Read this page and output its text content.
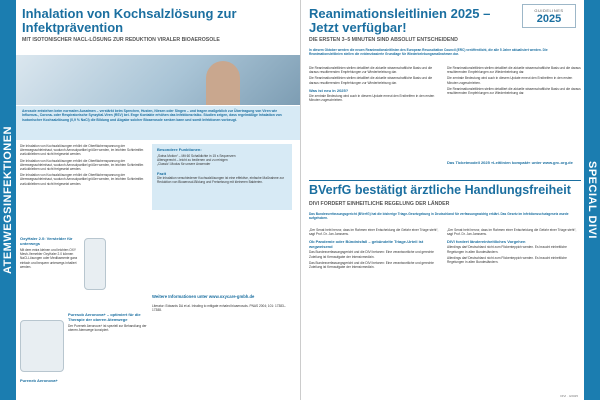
ATEMWEGSINFEKTIONEN
Inhalation von Kochsalzlösung zur Infektprävention
MIT ISOTONISCHER NACL-LÖSUNG ZUR REDUKTION VIRALER BIOAEROSOLE
Aerosole entstehen beim normalen Ausatmen – verstärkt beim Sprechen, Husten, Niesen oder Singen – und tragen maßgeblich zur Übertragung von Viren wie Influenza-, Corona- oder Respiratorische Synzytial-Viren (RSV) bei. Enge Kontakte erhöhen das Infektionsrisiko. Studien zeigen, dass regelmäßige Inhalation von isotonischer Kochsalzlösung (0,9 % NaCl) die Bildung und Abgabe solcher Bioaerosole senken kann und somit Infektionen vorbeugt.
Die Inhalation von Kochsalzlösungen erhöht die Oberflächenspannung der Atemwegsschleimhaut, wodurch Aerosolpartikel größer werden, im leichten Schleimfilm zurückbleiben und nicht freigesetzt werden.
Die Inhalation von Kochsalzlösungen erhöht die Oberflächenspannung der Atemwegsschleimhaut, wodurch Aerosolpartikel größer werden, im leichten Schleimfilm zurückbleiben und nicht freigesetzt werden.
Die Inhalation von Kochsalzlösungen erhöht die Oberflächenspannung der Atemwegsschleimhaut, wodurch Aerosolpartikel größer werden, im leichten Schleimfilm zurückbleiben und nicht freigesetzt werden.
Besondere Funktionen:
„Swiss Motion“ – Mit 60 Schalldichte in 15 s Sequenzen
Altersgerecht – leicht zu bedienen und zu reinigen
„Classic“-Modus für unsere Anwender
Fazit
Die Inhalation verschiedener Kochsalzlösungen ist eine effektive, einfache Maßnahme zur Reduktion von Bioaerosol-Bildung und Freisetzung mit kleineren Bakterien.
OxyHaler 2.0: Verstelder für unterwegs
Mit dem extra kleinen und leichten OXY Mesh-Vernebler OxyHaler 2.0 können NaCl-Lösungen oder Medikamente ganz einfach und bequem unterwegs inhaliert werden.
Weitere Informationen unter www.oxycare-gmbh.de
Literatur: Edwards DA et al. Inhaling to mitigate exhaled bioaerosols. PNAS 2004; 101: 17383–17388.
Puresob Aeronova+ – optimiert für die Therapie der oberen Atemwege
Der Pureneb Aeronova+ ist speziell zur Behandlung der oberen Atemwege konzipiert.
Pureneb Aeronova+
SPECIAL DIVI
Reanimationsleitlinien 2025 – Jetzt verfügbar!
DIE ERSTEN 3–5 MINUTEN SIND ABSOLUT ENTSCHEIDEND
GUIDELINES
2025
In diesem Oktober werden die neuen Reanimationsleitlinien des European Resuscitation Council (ERC) veröffentlicht, die alle 5 Jahre aktualisiert werden. Die Reanimationsleitlinien stellen die evidenzbasierte Grundlage für Wiederbelebungsmaßnahmen dar.
Die Reanimationsleitlinien stellen detailliert die aktuelle wissenschaftliche Basis und die daraus resultierenden Empfehlungen zur Wiederbelebung dar.
Die Reanimationsleitlinien stellen detailliert die aktuelle wissenschaftliche Basis und die daraus resultierenden Empfehlungen zur Wiederbelebung dar.
Was ist neu in 2025?
Die zentrale Bedeutung wird auch in diesem Update erneut den Ersthelfern in den ersten Minuten zugeschrieben.
Die Reanimationsleitlinien stellen detailliert die aktuelle wissenschaftliche Basis und die daraus resultierenden Empfehlungen zur Wiederbelebung dar.
Die zentrale Bedeutung wird auch in diesem Update erneut den Ersthelfern in den ersten Minuten zugeschrieben.
Die Reanimationsleitlinien stellen detailliert die aktuelle wissenschaftliche Basis und die daraus resultierenden Empfehlungen zur Wiederbelebung dar.
Das Ticketmodell 2025 »Leitlinien kompakt« unter www.grc-org.de
BVerfG bestätigt ärztliche Handlungsfreiheit
DIVI FORDERT EINHEITLICHE REGELUNG DER LÄNDER
Das Bundesverfassungsgericht (BVerfG) hat die bisherige Triage-Gesetzgebung in Deutschland für verfassungswidrig erklärt. Das Gesetz im Infektionsschutzgesetz wurde aufgehoben.
„Der Senat hebt hervor, dass im Rahmen einer Entscheidung die Gefahr einer Triage steht“, sagt Prof. Dr. Jan Janssens.
Ob Pandemie oder Bündnisfall – gebündelte Triage-Urteil ist wegweisend
Das Bundesverfassungsgericht und die DIVI betonen: Eine verantwortliche und gerechte Zuteilung ist Kernaufgabe der Intensivmedizin.
Das Bundesverfassungsgericht und die DIVI betonen: Eine verantwortliche und gerechte Zuteilung ist Kernaufgabe der Intensivmedizin.
„Der Senat hebt hervor, dass im Rahmen einer Entscheidung die Gefahr einer Triage steht“, sagt Prof. Dr. Jan Janssens.
DIVI fordert ländereinheitliches Vorgehen
Allerdings darf Deutschland nicht zum Flickenteppich werden. Es braucht einheitliche Regelungen in allen Bundesländern.
Allerdings darf Deutschland nicht zum Flickenteppich werden. Es braucht einheitliche Regelungen in allen Bundesländern.
DIVI · 4/2025
